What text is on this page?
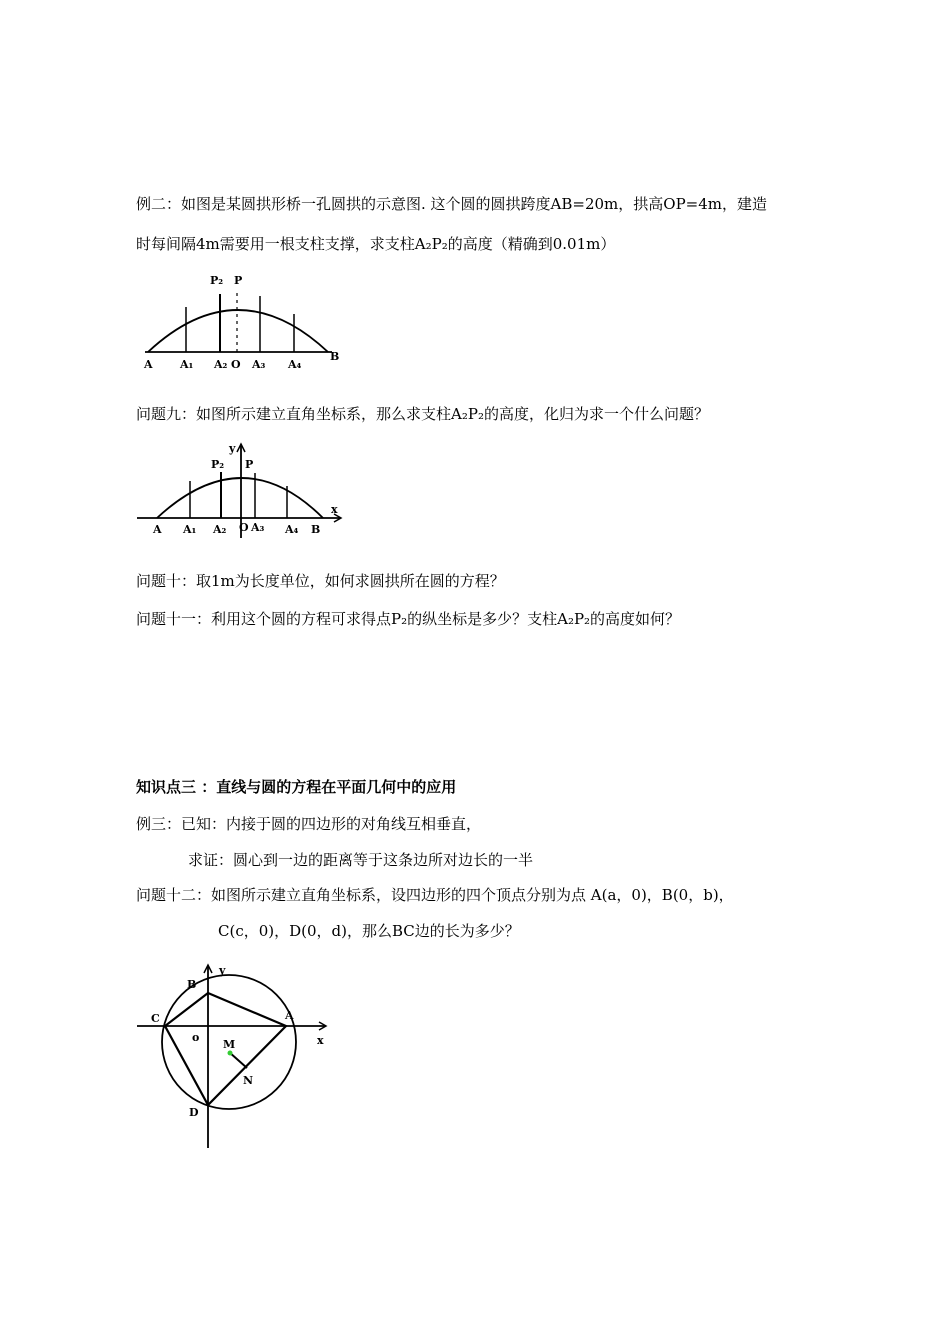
例二：如图是某圆拱形桥一孔圆拱的示意图. 这个圆的圆拱跨度AB=20m，拱高OP=4m，建造
时每间隔4m需要用一根支柱支撑，求支柱A₂P₂的高度（精确到0.01m）
P₂ P
A A₁ A₂ O A₃ A₄
B
问题九：如图所示建立直角坐标系，那么求支柱A₂P₂的高度，化归为求一个什么问题？
y
x
P₂ P
A A₁ A₂ O A₃ A₄ B
问题十：取1m为长度单位，如何求圆拱所在圆的方程？
问题十一：利用这个圆的方程可求得点P₂的纵坐标是多少？支柱A₂P₂的高度如何？
知识点三 ：直线与圆的方程在平面几何中的应用
例三：已知：内接于圆的四边形的对角线互相垂直，
求证：圆心到一边的距离等于这条边所对边长的一半
问题十二：如图所示建立直角坐标系，设四边形的四个顶点分别为点 A(a，0)，B(0，b)，
C(c，0)，D(0，d)，那么BC边的长为多少？
B
y
C	A
o	x
M
N
D
